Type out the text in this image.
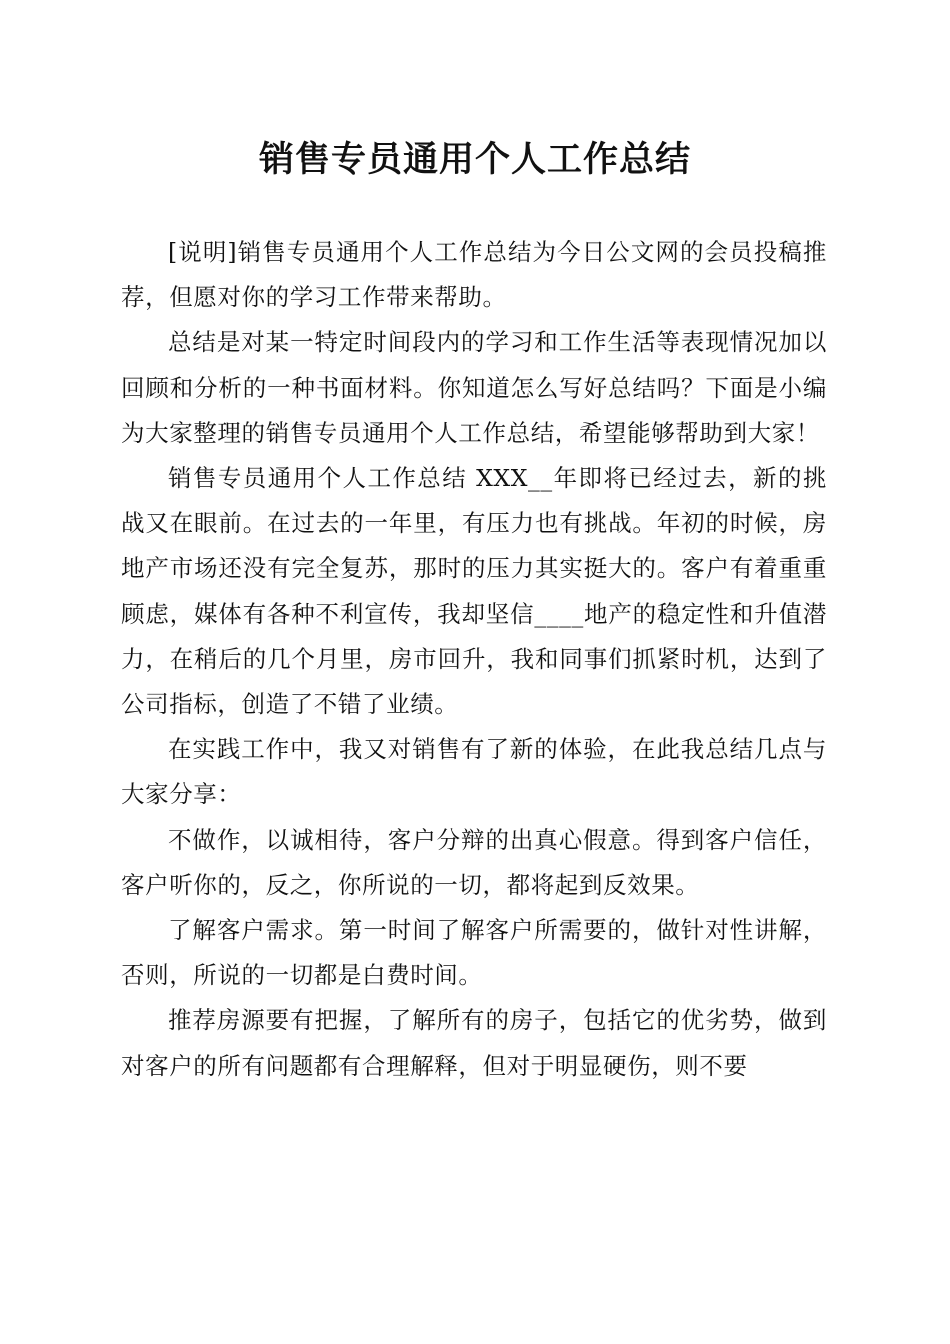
销售专员通用个人工作总结

[说明]销售专员通用个人工作总结为今日公文网的会员投稿推荐，但愿对你的学习工作带来帮助。

总结是对某一特定时间段内的学习和工作生活等表现情况加以回顾和分析的一种书面材料。你知道怎么写好总结吗？下面是小编为大家整理的销售专员通用个人工作总结，希望能够帮助到大家！

销售专员通用个人工作总结 XXX__年即将已经过去，新的挑战又在眼前。在过去的一年里，有压力也有挑战。年初的时候，房地产市场还没有完全复苏，那时的压力其实挺大的。客户有着重重顾虑，媒体有各种不利宣传，我却坚信____地产的稳定性和升值潜力，在稍后的几个月里，房市回升，我和同事们抓紧时机，达到了公司指标，创造了不错了业绩。

在实践工作中，我又对销售有了新的体验，在此我总结几点与大家分享：

不做作，以诚相待，客户分辩的出真心假意。得到客户信任，客户听你的，反之，你所说的一切，都将起到反效果。

了解客户需求。第一时间了解客户所需要的，做针对性讲解，否则，所说的一切都是白费时间。

推荐房源要有把握，了解所有的房子，包括它的优劣势，做到对客户的所有问题都有合理解释，但对于明显硬伤，则不要
